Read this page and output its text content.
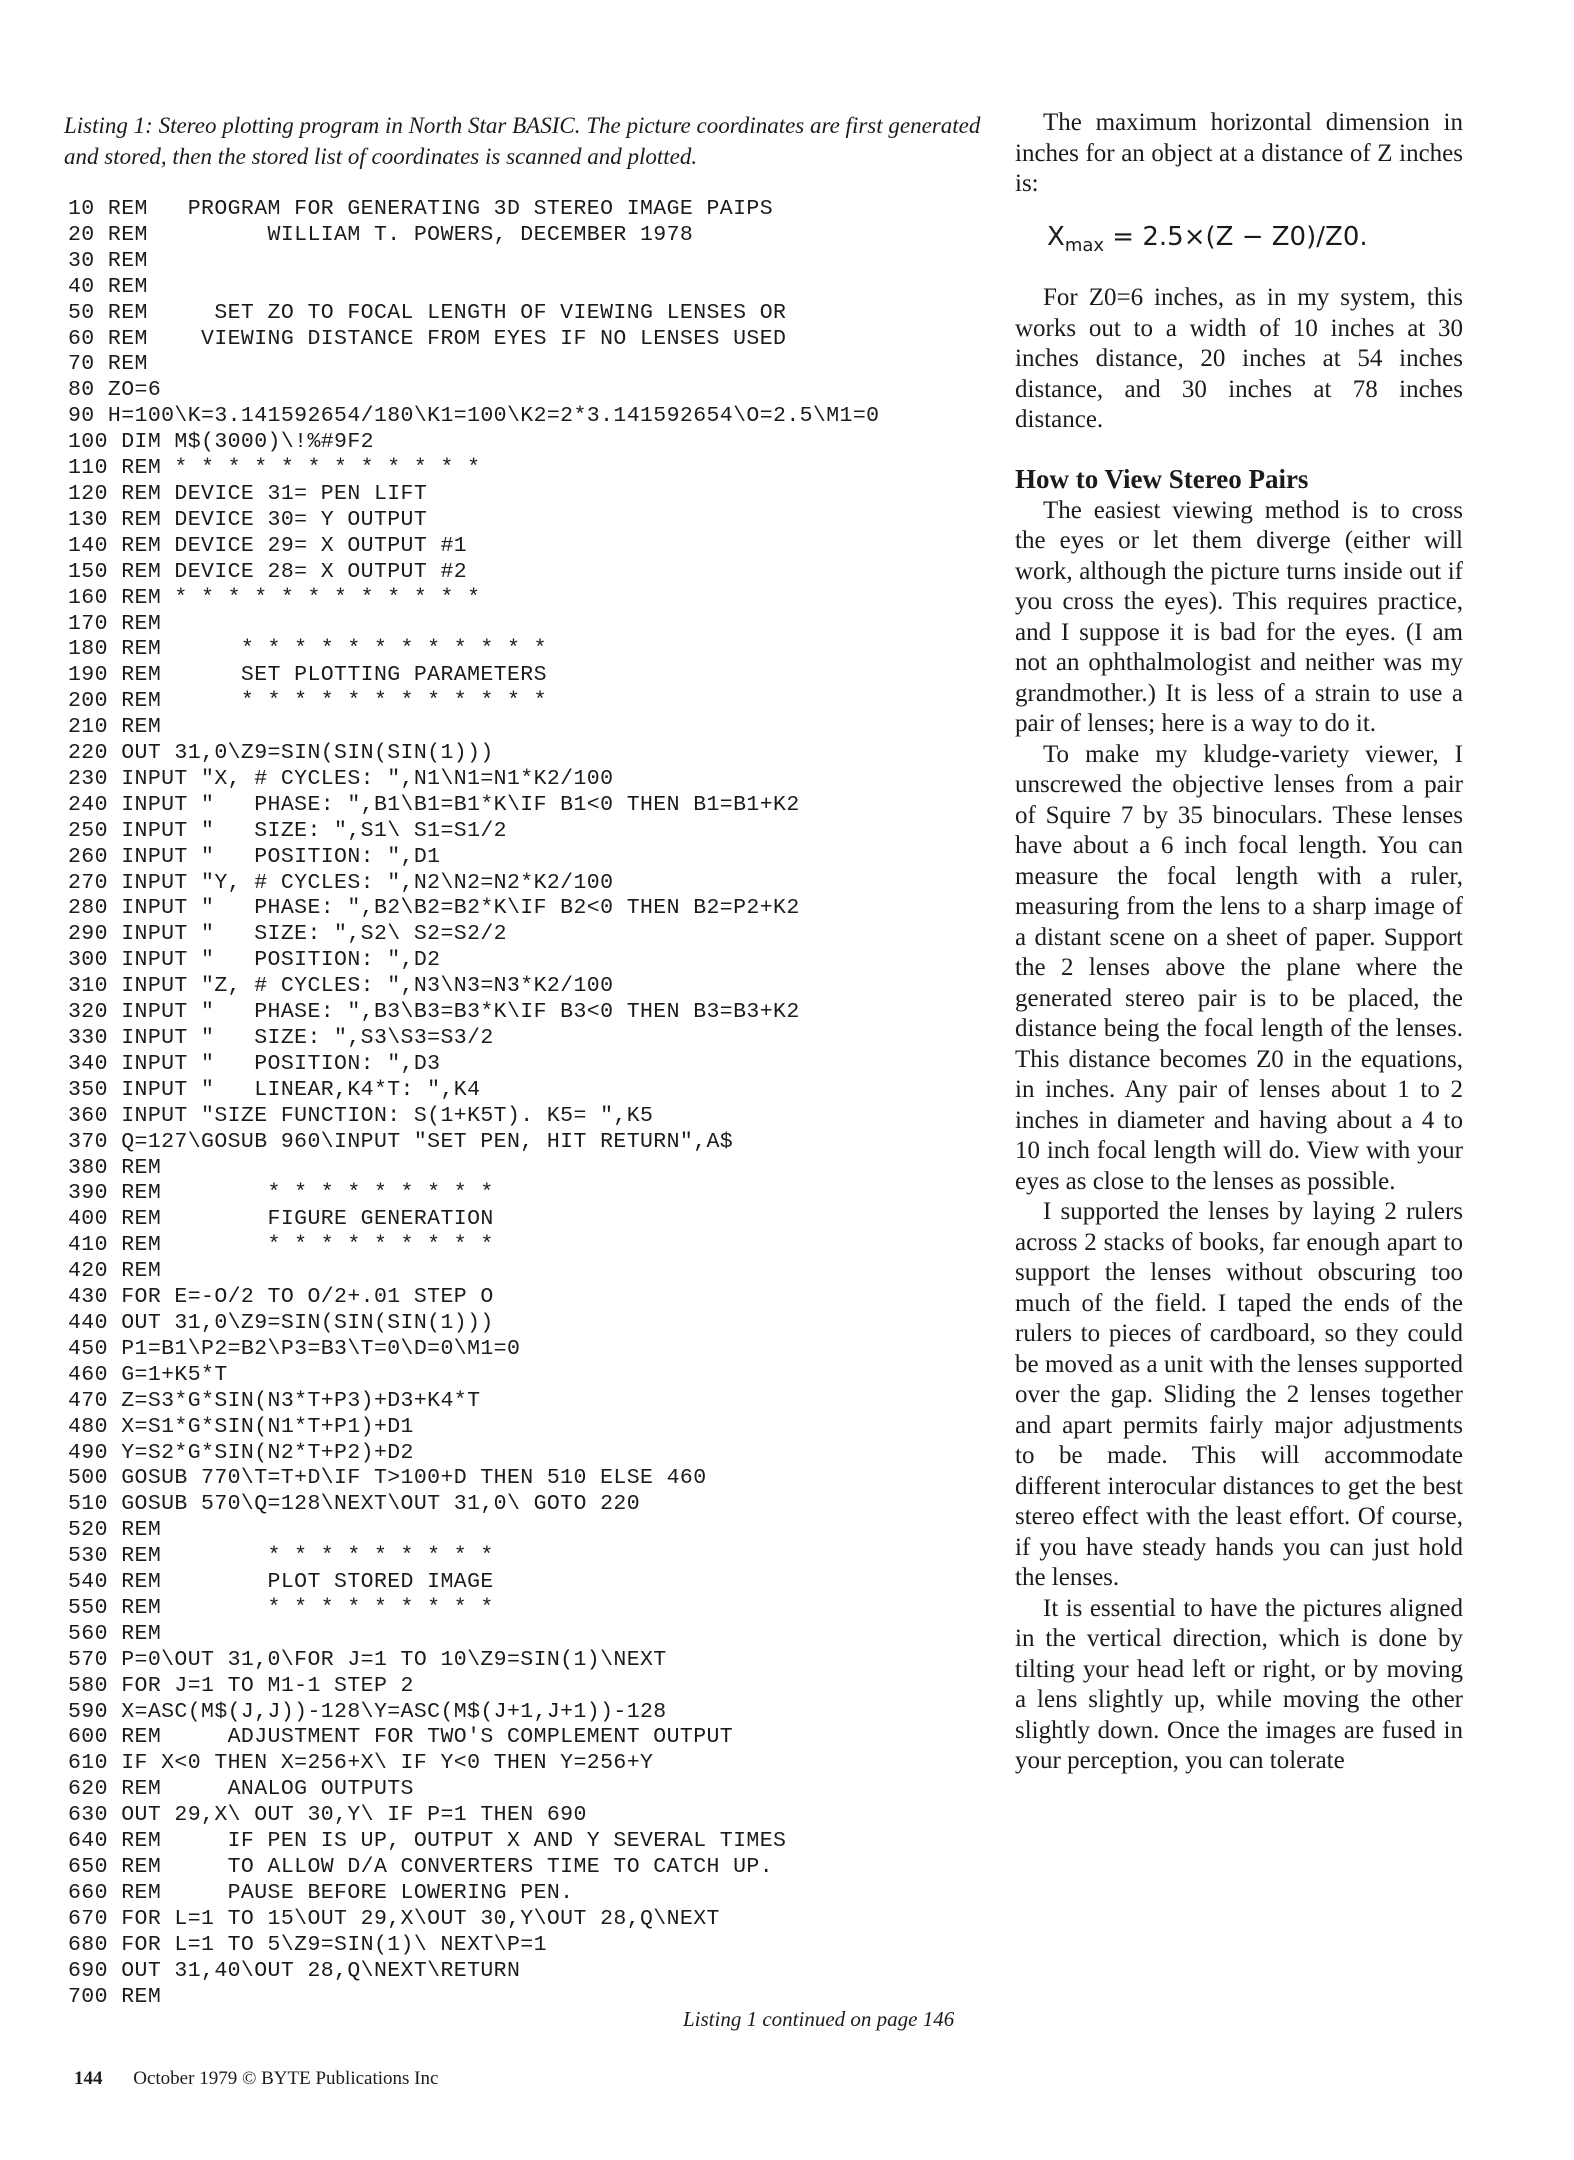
Listing 1: Stereo plotting program in North Star BASIC. The picture coordinates are first generated and stored, then the stored list of coordinates is scanned and plotted.
10 REM   PROGRAM FOR GENERATING 3D STEREO IMAGE PAIPS
20 REM         WILLIAM T. POWERS, DECEMBER 1978
30 REM
40 REM
50 REM     SET ZO TO FOCAL LENGTH OF VIEWING LENSES OR
60 REM    VIEWING DISTANCE FROM EYES IF NO LENSES USED
70 REM
80 ZO=6
90 H=100\K=3.141592654/180\K1=100\K2=2*3.141592654\O=2.5\M1=0
100 DIM M$(3000)\!%#9F2
110 REM * * * * * * * * * * * *
120 REM DEVICE 31= PEN LIFT
130 REM DEVICE 30= Y OUTPUT
140 REM DEVICE 29= X OUTPUT #1
150 REM DEVICE 28= X OUTPUT #2
160 REM * * * * * * * * * * * *
170 REM
180 REM      * * * * * * * * * * * *
190 REM      SET PLOTTING PARAMETERS
200 REM      * * * * * * * * * * * *
210 REM
220 OUT 31,0\Z9=SIN(SIN(SIN(1)))
230 INPUT "X, # CYCLES: ",N1\N1=N1*K2/100
240 INPUT "   PHASE: ",B1\B1=B1*K\IF B1<0 THEN B1=B1+K2
250 INPUT "   SIZE: ",S1\ S1=S1/2
260 INPUT "   POSITION: ",D1
270 INPUT "Y, # CYCLES: ",N2\N2=N2*K2/100
280 INPUT "   PHASE: ",B2\B2=B2*K\IF B2<0 THEN B2=P2+K2
290 INPUT "   SIZE: ",S2\ S2=S2/2
300 INPUT "   POSITION: ",D2
310 INPUT "Z, # CYCLES: ",N3\N3=N3*K2/100
320 INPUT "   PHASE: ",B3\B3=B3*K\IF B3<0 THEN B3=B3+K2
330 INPUT "   SIZE: ",S3\S3=S3/2
340 INPUT "   POSITION: ",D3
350 INPUT "   LINEAR,K4*T: ",K4
360 INPUT "SIZE FUNCTION: S(1+K5T). K5= ",K5
370 Q=127\GOSUB 960\INPUT "SET PEN, HIT RETURN",A$
380 REM
390 REM        * * * * * * * * *
400 REM        FIGURE GENERATION
410 REM        * * * * * * * * *
420 REM
430 FOR E=-O/2 TO O/2+.01 STEP O
440 OUT 31,0\Z9=SIN(SIN(SIN(1)))
450 P1=B1\P2=B2\P3=B3\T=0\D=0\M1=0
460 G=1+K5*T
470 Z=S3*G*SIN(N3*T+P3)+D3+K4*T
480 X=S1*G*SIN(N1*T+P1)+D1
490 Y=S2*G*SIN(N2*T+P2)+D2
500 GOSUB 770\T=T+D\IF T>100+D THEN 510 ELSE 460
510 GOSUB 570\Q=128\NEXT\OUT 31,0\ GOTO 220
520 REM
530 REM        * * * * * * * * *
540 REM        PLOT STORED IMAGE
550 REM        * * * * * * * * *
560 REM
570 P=0\OUT 31,0\FOR J=1 TO 10\Z9=SIN(1)\NEXT
580 FOR J=1 TO M1-1 STEP 2
590 X=ASC(M$(J,J))-128\Y=ASC(M$(J+1,J+1))-128
600 REM     ADJUSTMENT FOR TWO'S COMPLEMENT OUTPUT
610 IF X<0 THEN X=256+X\ IF Y<0 THEN Y=256+Y
620 REM     ANALOG OUTPUTS
630 OUT 29,X\ OUT 30,Y\ IF P=1 THEN 690
640 REM     IF PEN IS UP, OUTPUT X AND Y SEVERAL TIMES
650 REM     TO ALLOW D/A CONVERTERS TIME TO CATCH UP.
660 REM     PAUSE BEFORE LOWERING PEN.
670 FOR L=1 TO 15\OUT 29,X\OUT 30,Y\OUT 28,Q\NEXT
680 FOR L=1 TO 5\Z9=SIN(1)\ NEXT\P=1
690 OUT 31,40\OUT 28,Q\NEXT\RETURN
700 REM
Listing 1 continued on page 146
144 October 1979 © BYTE Publications Inc

The maximum horizontal dimension in inches for an object at a distance of Z inches is:

$X_{max} = 2.5\times(Z - Z0)/Z0$.

For Z0=6 inches, as in my system, this works out to a width of 10 inches at 30 inches distance, 20 inches at 54 inches distance, and 30 inches at 78 inches distance.

How to View Stereo Pairs

The easiest viewing method is to cross the eyes or let them diverge (either will work, although the picture turns inside out if you cross the eyes). This requires practice, and I suppose it is bad for the eyes. (I am not an ophthalmologist and neither was my grandmother.) It is less of a strain to use a pair of lenses; here is a way to do it.

To make my kludge-variety viewer, I unscrewed the objective lenses from a pair of Squire 7 by 35 binoculars. These lenses have about a 6 inch focal length. You can measure the focal length with a ruler, measuring from the lens to a sharp image of a distant scene on a sheet of paper. Support the 2 lenses above the plane where the generated stereo pair is to be placed, the distance being the focal length of the lenses. This distance becomes Z0 in the equations, in inches. Any pair of lenses about 1 to 2 inches in diameter and having about a 4 to 10 inch focal length will do. View with your eyes as close to the lenses as possible.

I supported the lenses by laying 2 rulers across 2 stacks of books, far enough apart to support the lenses without obscuring too much of the field. I taped the ends of the rulers to pieces of cardboard, so they could be moved as a unit with the lenses supported over the gap. Sliding the 2 lenses together and apart permits fairly major adjustments to be made. This will accommodate different interocular distances to get the best stereo effect with the least effort. Of course, if you have steady hands you can just hold the lenses.

It is essential to have the pictures aligned in the vertical direction, which is done by tilting your head left or right, or by moving a lens slightly up, while moving the other slightly down. Once the images are fused in your perception, you can tolerate
